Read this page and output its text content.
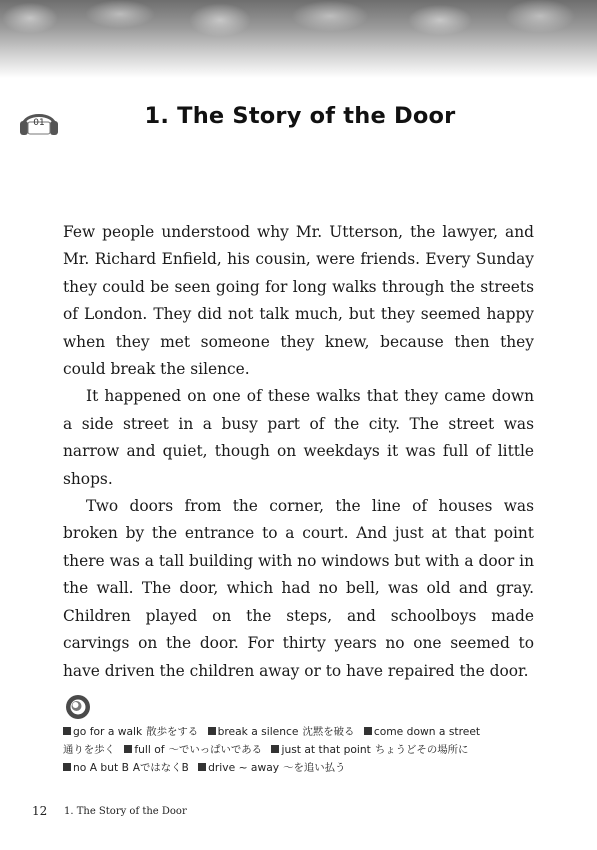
01	1. The Story of the Door

Few people understood why Mr. Utterson, the lawyer, and Mr. Richard Enfield, his cousin, were friends. Every Sunday they could be seen going for long walks through the streets of London. They did not talk much, but they seemed happy when they met someone they knew, because then they could break the silence.

It happened on one of these walks that they came down a side street in a busy part of the city. The street was narrow and quiet, though on weekdays it was full of little shops.

Two doors from the corner, the line of houses was broken by the entrance to a court. And just at that point there was a tall building with no windows but with a door in the wall. The door, which had no bell, was old and gray. Children played on the steps, and schoolboys made carvings on the door. For thirty years no one seemed to have driven the children away or to have repaired the door.

go for a walk 散歩をする break a silence 沈黙を破る come down a street
通りを歩く full of ～でいっぱいである just at that point ちょうどその場所に
no A but B AではなくB drive ~ away ～を追い払う
12 1. The Story of the Door
